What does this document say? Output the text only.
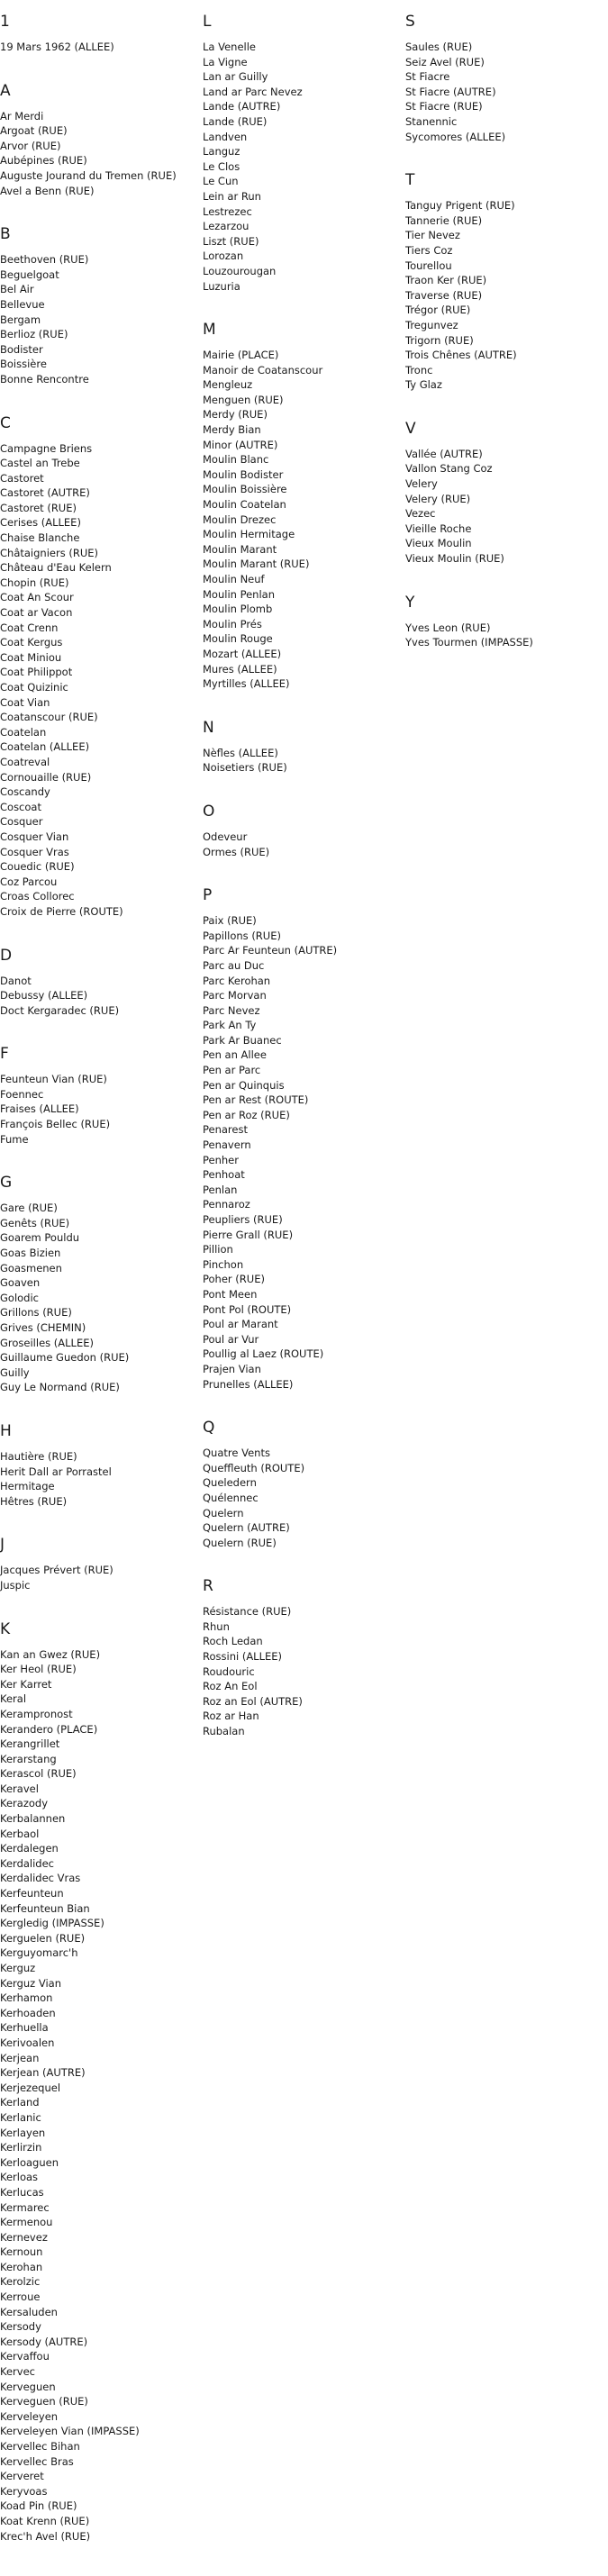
1
19 Mars 1962 (ALLEE)
A
Ar Merdi
Argoat (RUE)
Arvor (RUE)
Aubépines (RUE)
Auguste Jourand du Tremen (RUE)
Avel a Benn (RUE)
B
Beethoven (RUE)
Beguelgoat
Bel Air
Bellevue
Bergam
Berlioz (RUE)
Bodister
Boissière
Bonne Rencontre
C
Campagne Briens
Castel an Trebe
Castoret
Castoret (AUTRE)
Castoret (RUE)
Cerises (ALLEE)
Chaise Blanche
Châtaigniers (RUE)
Château d'Eau Kelern
Chopin (RUE)
Coat An Scour
Coat ar Vacon
Coat Crenn
Coat Kergus
Coat Miniou
Coat Philippot
Coat Quizinic
Coat Vian
Coatanscour (RUE)
Coatelan
Coatelan (ALLEE)
Coatreval
Cornouaille (RUE)
Coscandy
Coscoat
Cosquer
Cosquer Vian
Cosquer Vras
Couedic (RUE)
Coz Parcou
Croas Collorec
Croix de Pierre (ROUTE)
D
Danot
Debussy (ALLEE)
Doct Kergaradec (RUE)
F
Feunteun Vian (RUE)
Foennec
Fraises (ALLEE)
François Bellec (RUE)
Fume
G
Gare (RUE)
Genêts (RUE)
Goarem Pouldu
Goas Bizien
Goasmenen
Goaven
Golodic
Grillons (RUE)
Grives (CHEMIN)
Groseilles (ALLEE)
Guillaume Guedon (RUE)
Guilly
Guy Le Normand (RUE)
H
Hautière (RUE)
Herit Dall ar Porrastel
Hermitage
Hêtres (RUE)
J
Jacques Prévert (RUE)
Juspic
K
Kan an Gwez (RUE)
Ker Heol (RUE)
Ker Karret
Keral
Kerampronost
Kerandero (PLACE)
Kerangrillet
Kerarstang
Kerascol (RUE)
Keravel
Kerazody
Kerbalannen
Kerbaol
Kerdalegen
Kerdalidec
Kerdalidec Vras
Kerfeunteun
Kerfeunteun Bian
Kergledig (IMPASSE)
Kerguelen (RUE)
Kerguyomarc'h
Kerguz
Kerguz Vian
Kerhamon
Kerhoaden
Kerhuella
Kerivoalen
Kerjean
Kerjean (AUTRE)
Kerjezequel
Kerland
Kerlanic
Kerlayen
Kerlirzin
Kerloaguen
Kerloas
Kerlucas
Kermarec
Kermenou
Kernevez
Kernoun
Kerohan
Kerolzic
Kerroue
Kersaluden
Kersody
Kersody (AUTRE)
Kervaffou
Kervec
Kerveguen
Kerveguen (RUE)
Kerveleyen
Kerveleyen Vian (IMPASSE)
Kervellec Bihan
Kervellec Bras
Kerveret
Keryvoas
Koad Pin (RUE)
Koat Krenn (RUE)
Krec'h Avel (RUE)
L
La Venelle
La Vigne
Lan ar Guilly
Land ar Parc Nevez
Lande (AUTRE)
Lande (RUE)
Landven
Languz
Le Clos
Le Cun
Lein ar Run
Lestrezec
Lezarzou
Liszt (RUE)
Lorozan
Louzourougan
Luzuria
M
Mairie (PLACE)
Manoir de Coatanscour
Mengleuz
Menguen (RUE)
Merdy (RUE)
Merdy Bian
Minor (AUTRE)
Moulin Blanc
Moulin Bodister
Moulin Boissière
Moulin Coatelan
Moulin Drezec
Moulin Hermitage
Moulin Marant
Moulin Marant (RUE)
Moulin Neuf
Moulin Penlan
Moulin Plomb
Moulin Prés
Moulin Rouge
Mozart (ALLEE)
Mures (ALLEE)
Myrtilles (ALLEE)
N
Nèfles (ALLEE)
Noisetiers (RUE)
O
Odeveur
Ormes (RUE)
P
Paix (RUE)
Papillons (RUE)
Parc Ar Feunteun (AUTRE)
Parc au Duc
Parc Kerohan
Parc Morvan
Parc Nevez
Park An Ty
Park Ar Buanec
Pen an Allee
Pen ar Parc
Pen ar Quinquis
Pen ar Rest (ROUTE)
Pen ar Roz (RUE)
Penarest
Penavern
Penher
Penhoat
Penlan
Pennaroz
Peupliers (RUE)
Pierre Grall (RUE)
Pillion
Pinchon
Poher (RUE)
Pont Meen
Pont Pol (ROUTE)
Poul ar Marant
Poul ar Vur
Poullig al Laez (ROUTE)
Prajen Vian
Prunelles (ALLEE)
Q
Quatre Vents
Queffleuth (ROUTE)
Queledern
Quélennec
Quelern
Quelern (AUTRE)
Quelern (RUE)
R
Résistance (RUE)
Rhun
Roch Ledan
Rossini (ALLEE)
Roudouric
Roz An Eol
Roz an Eol (AUTRE)
Roz ar Han
Rubalan
S
Saules (RUE)
Seiz Avel (RUE)
St Fiacre
St Fiacre (AUTRE)
St Fiacre (RUE)
Stanennic
Sycomores (ALLEE)
T
Tanguy Prigent (RUE)
Tannerie (RUE)
Tier Nevez
Tiers Coz
Tourellou
Traon Ker (RUE)
Traverse (RUE)
Trégor (RUE)
Tregunvez
Trigorn (RUE)
Trois Chênes (AUTRE)
Tronc
Ty Glaz
V
Vallée (AUTRE)
Vallon Stang Coz
Velery
Velery (RUE)
Vezec
Vieille Roche
Vieux Moulin
Vieux Moulin (RUE)
Y
Yves Leon (RUE)
Yves Tourmen (IMPASSE)
